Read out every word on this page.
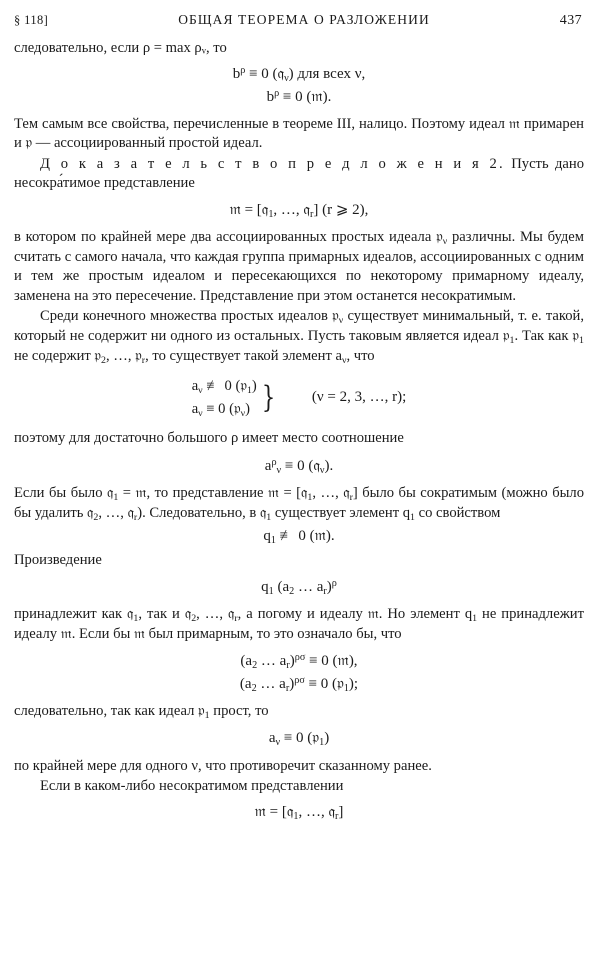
§ 118]	ОБЩАЯ ТЕОРЕМА О РАЗЛОЖЕНИИ	437

следовательно, если ρ = max ρᵥ, то

$b^\rho \equiv 0$ (𝔮$_\nu$) для всех ν,
$b^\rho \equiv 0$ (𝔪).

Тем самым все свойства, перечисленные в теореме III, налицо. Поэтому идеал 𝔪 примарен и 𝔭 — ассоциированный простой идеал.

Д о к а з а т е л ь с т в о п р е д л о ж е н и я 2. Пусть дано несокра́тимое представление

𝔪 = [𝔮$_1$, …, 𝔮$_r$] (r ⩾ 2),

в котором по крайней мере два ассоциированных простых идеала 𝔭$_\nu$ различны. Мы будем считать с самого начала, что каждая группа примарных идеалов, ассоциированных с одним и тем же простым идеалом и пересекающихся по некоторому примарному идеалу, заменена на это пересечение. Представление при этом останется несократимым.

Среди конечного множества простых идеалов 𝔭$_\nu$ существует минимальный, т. е. такой, который не содержит ни одного из остальных. Пусть таковым является идеал 𝔭$_1$. Так как 𝔭$_1$ не содержит 𝔭$_2$, …, 𝔭$_r$, то существует такой элемент $a_\nu$, что

$a_\nu$ ≢ 0 (𝔭$_1$)
$a_\nu \equiv 0$ (𝔭$_\nu$) } (ν = 2, 3, …, r);

поэтому для достаточно большого ρ имеет место соотношение

$a^\rho_\nu \equiv 0$ (𝔮$_\nu$).

Если бы было 𝔮$_1$ = 𝔪, то представление 𝔪 = [𝔮$_1$, …, 𝔮$_r$] было бы сократимым (можно было бы удалить 𝔮$_2$, …, 𝔮$_r$). Следовательно, в 𝔮$_1$ существует элемент $q_1$ со свойством

$q_1$ ≢ 0 (𝔪).

Произведение

$q_1$ ($a_2$ … $a_r)^\rho$

принадлежит как 𝔮$_1$, так и 𝔮$_2$, …, 𝔮$_r$, а погому и идеалу 𝔪. Но элемент $q_1$ не принадлежит идеалу 𝔪. Если бы 𝔪 был примарным, то это означало бы, что

($a_2$ … $a_r)^{\rho\sigma} \equiv 0$ (𝔪),
($a_2$ … $a_r)^{\rho\sigma} \equiv 0$ (𝔭$_1$);

следовательно, так как идеал 𝔭$_1$ прост, то

$a_\nu \equiv 0$ (𝔭$_1$)

по крайней мере для одного ν, что противоречит сказанному ранее.

Если в каком-либо несократимом представлении

𝔪 = [𝔮$_1$, …, 𝔮$_r$]
